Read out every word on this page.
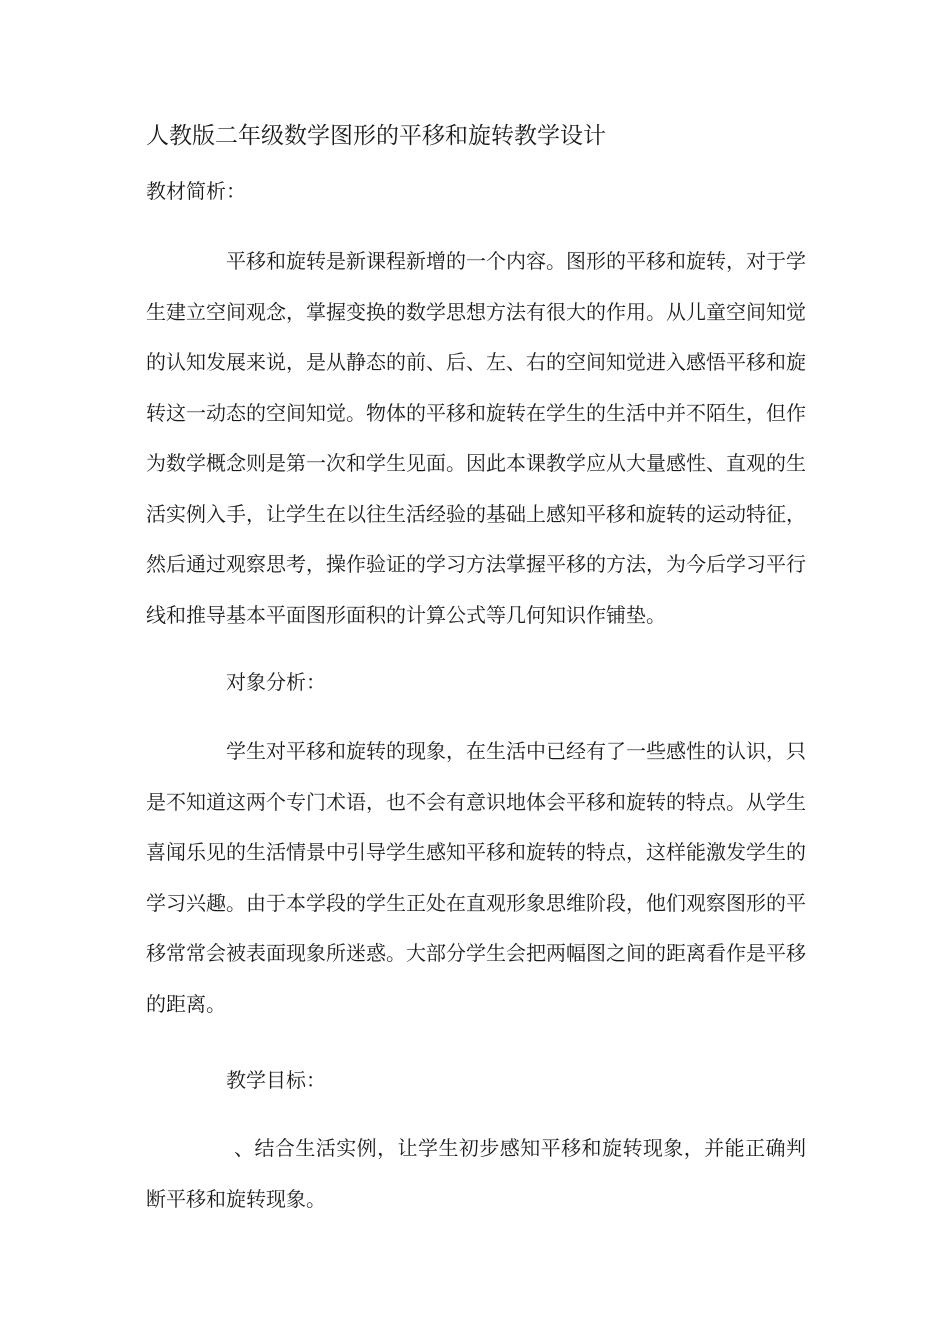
人教版二年级数学图形的平移和旋转教学设计
教材简析：

平移和旋转是新课程新增的一个内容。图形的平移和旋转，对于学生建立空间观念，掌握变换的数学思想方法有很大的作用。从儿童空间知觉的认知发展来说，是从静态的前、后、左、右的空间知觉进入感悟平移和旋转这一动态的空间知觉。物体的平移和旋转在学生的生活中并不陌生，但作为数学概念则是第一次和学生见面。因此本课教学应从大量感性、直观的生活实例入手，让学生在以往生活经验的基础上感知平移和旋转的运动特征，然后通过观察思考，操作验证的学习方法掌握平移的方法，为今后学习平行线和推导基本平面图形面积的计算公式等几何知识作铺垫。

对象分析：

学生对平移和旋转的现象，在生活中已经有了一些感性的认识，只是不知道这两个专门术语，也不会有意识地体会平移和旋转的特点。从学生喜闻乐见的生活情景中引导学生感知平移和旋转的特点，这样能激发学生的学习兴趣。由于本学段的学生正处在直观形象思维阶段，他们观察图形的平移常常会被表面现象所迷惑。大部分学生会把两幅图之间的距离看作是平移的距离。

教学目标：

、结合生活实例，让学生初步感知平移和旋转现象，并能正确判断平移和旋转现象。
